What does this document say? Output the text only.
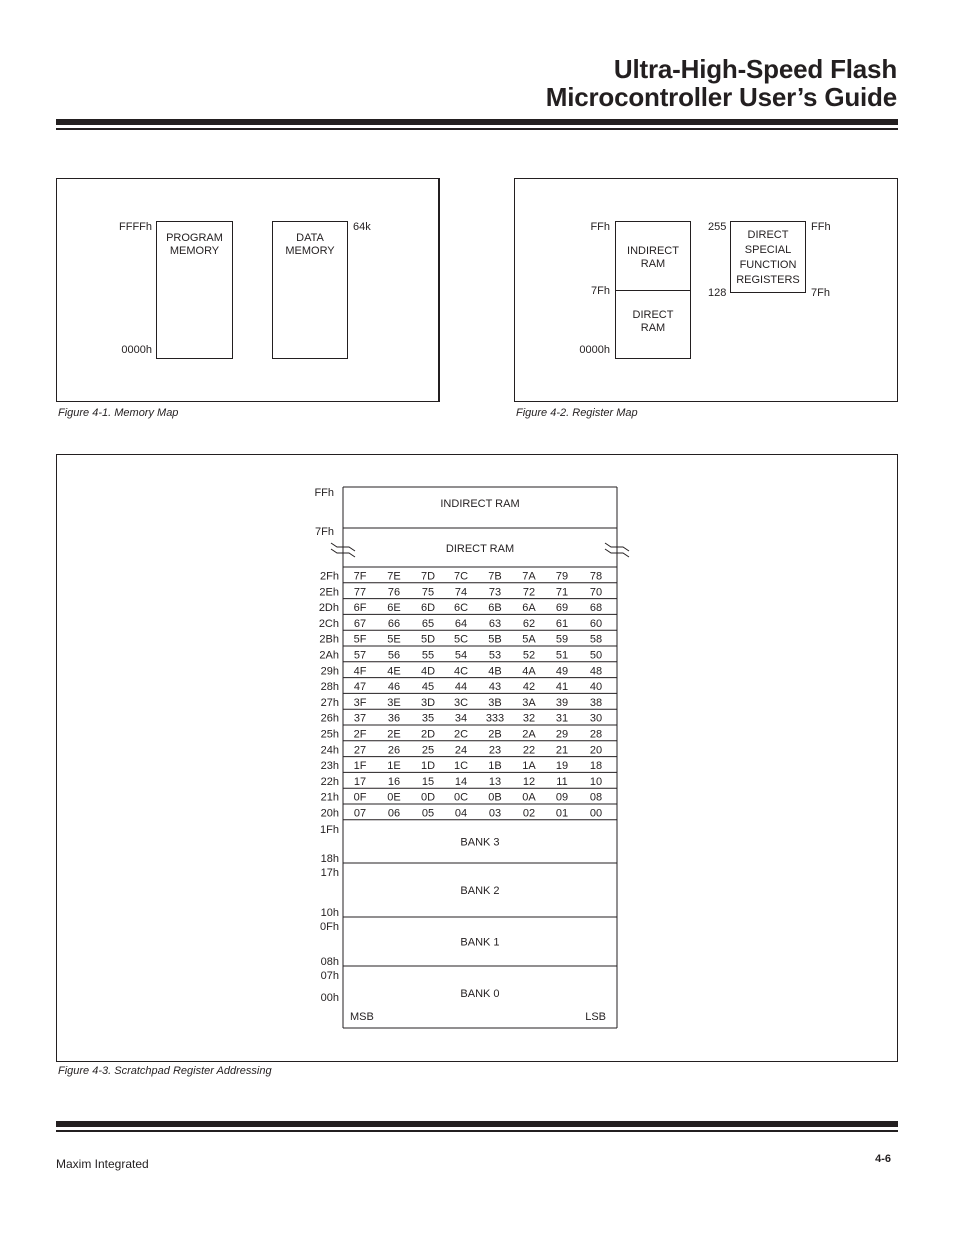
Ultra-High-Speed Flash
Microcontroller User’s Guide
PROGRAM
MEMORY
DATA
MEMORY
FFFFh
0000h
64k
Figure 4-1. Memory Map
INDIRECT
RAM
DIRECT
RAM
DIRECT
SPECIAL
FUNCTION
REGISTERS
FFh
7Fh
0000h
255
128
FFh
7Fh
Figure 4-2. Register Map
INDIRECT RAM
DIRECT RAM
FFh
7Fh
7F 7E 7D 7C 7B 7A 79 78
2Fh
77 76 75 74 73 72 71 70
2Eh
6F 6E 6D 6C 6B 6A 69 68
2Dh
67 66 65 64 63 62 61 60
2Ch
5F 5E 5D 5C 5B 5A 59 58
2Bh
57 56 55 54 53 52 51 50
2Ah
4F 4E 4D 4C 4B 4A 49 48
29h
47 46 45 44 43 42 41 40
28h
3F 3E 3D 3C 3B 3A 39 38
27h
37 36 35 34 333 32 31 30
26h
2F 2E 2D 2C 2B 2A 29 28
25h
27 26 25 24 23 22 21 20
24h
1F 1E 1D 1C 1B 1A 19 18
23h
17 16 15 14 13 12 11 10
22h
0F 0E 0D 0C 0B 0A 09 08
21h
07 06 05 04 03 02 01 00
20h
BANK 3
1Fh
18h
BANK 2
17h
10h
BANK 1
0Fh
08h
BANK 0
07h
00h
MSB	LSB
Figure 4-3. Scratchpad Register Addressing
Maxim Integrated	4-6
